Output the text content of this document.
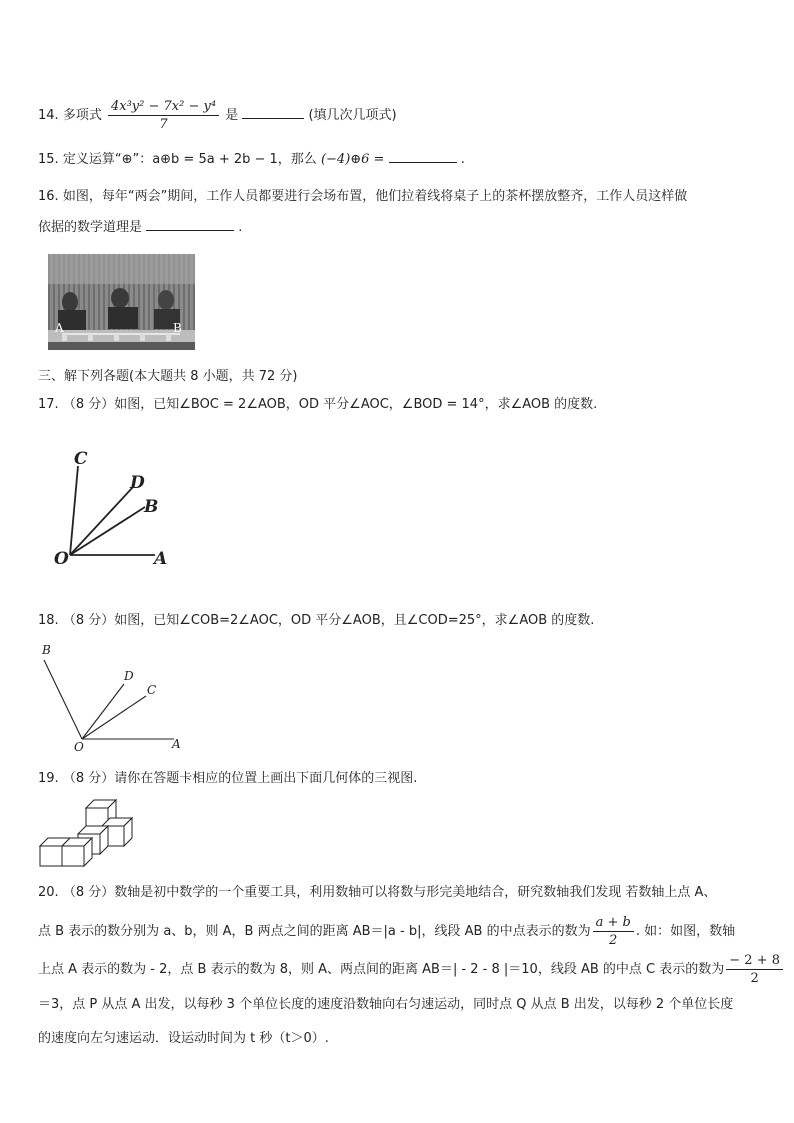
14. 多项式 $\frac{\text{4x³y² − 7x² − y⁴}}{7}$ 是	(填几次几项式)
15. 定义运算“⊕”：a⊕b = 5a + 2b − 1，那么 (−4)⊕6 =	.
16. 如图，每年“两会”期间，工作人员都要进行会场布置，他们拉着线将桌子上的茶杯摆放整齐，工作人员这样做
依据的数学道理是	.
A	B
三、解下列各题(本大题共 8 小题，共 72 分)
17. （8 分）如图，已知∠BOC = 2∠AOB，OD 平分∠AOC，∠BOD = 14°，求∠AOB 的度数.
C
D
B
O	A
18. （8 分）如图，已知∠COB=2∠AOC，OD 平分∠AOB，且∠COD=25°，求∠AOB 的度数.
B
D
C
O	A
19. （8 分）请你在答题卡相应的位置上画出下面几何体的三视图.
20. （8 分）数轴是初中数学的一个重要工具，利用数轴可以将数与形完美地结合，研究数轴我们发现 若数轴上点 A、
点 B 表示的数分别为 a、b，则 A，B 两点之间的距离 AB＝|a - b|，线段 AB 的中点表示的数为 $\frac{a + b}{2}$ . 如：如图，数轴
上点 A 表示的数为 - 2，点 B 表示的数为 8，则 A、两点间的距离 AB＝| - 2 - 8 |＝10，线段 AB 的中点 C 表示的数为 $\frac{- 2 + 8}{2}$
＝3，点 P 从点 A 出发，以每秒 3 个单位长度的速度沿数轴向右匀速运动，同时点 Q 从点 B 出发，以每秒 2 个单位长度
的速度向左匀速运动．设运动时间为 t 秒（t＞0）.
